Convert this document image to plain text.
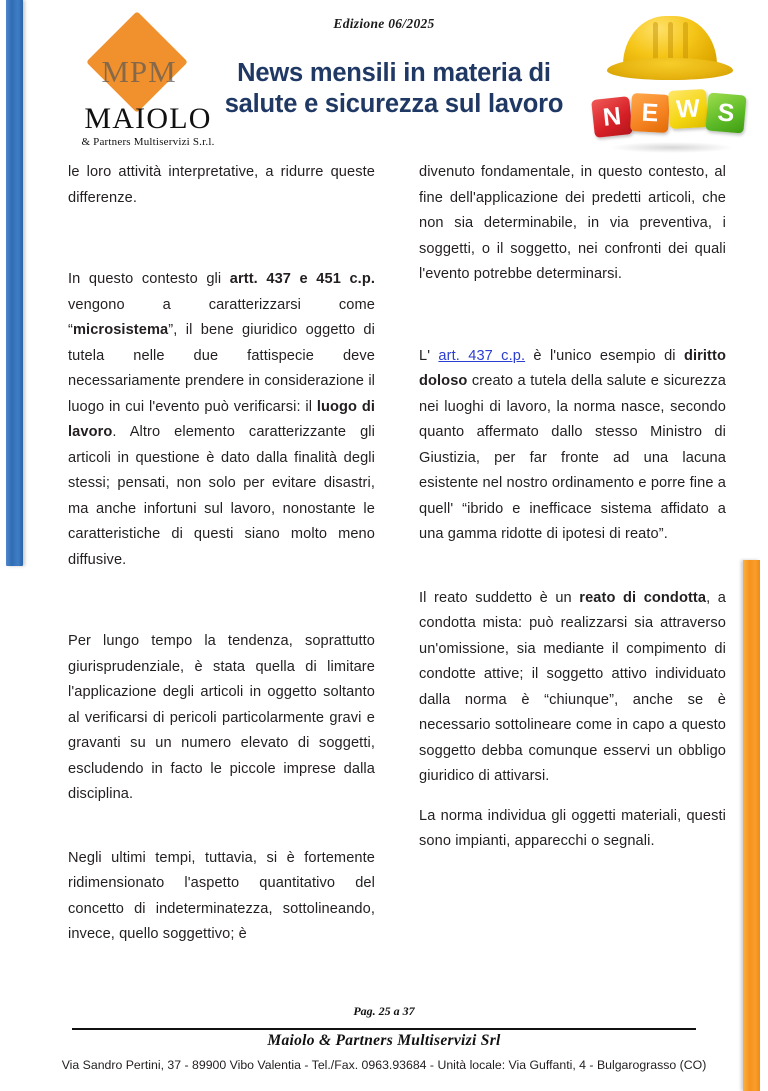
Edizione 06/2025
MPM
MAIOLO
& Partners Multiservizi S.r.l.
News mensili in materia di
salute e sicurezza sul lavoro	N E W S

le loro attività interpretative, a ridurre queste differenze.

In questo contesto gli artt. 437 e 451 c.p. vengono a caratterizzarsi come “microsistema”, il bene giuridico oggetto di tutela nelle due fattispecie deve necessariamente prendere in considerazione il luogo in cui l'evento può verificarsi: il luogo di lavoro. Altro elemento caratterizzante gli articoli in questione è dato dalla finalità degli stessi; pensati, non solo per evitare disastri, ma anche infortuni sul lavoro, nonostante le caratteristiche di questi siano molto meno diffusive.

Per lungo tempo la tendenza, soprattutto giurisprudenziale, è stata quella di limitare l'applicazione degli articoli in oggetto soltanto al verificarsi di pericoli particolarmente gravi e gravanti su un numero elevato di soggetti, escludendo in facto le piccole imprese dalla disciplina.

Negli ultimi tempi, tuttavia, si è fortemente ridimensionato l'aspetto quantitativo del concetto di indeterminatezza, sottolineando, invece, quello soggettivo; è

divenuto fondamentale, in questo contesto, al fine dell'applicazione dei predetti articoli, che non sia determinabile, in via preventiva, i soggetti, o il soggetto, nei confronti dei quali l'evento potrebbe determinarsi.

L' art. 437 c.p. è l'unico esempio di diritto doloso creato a tutela della salute e sicurezza nei luoghi di lavoro, la norma nasce, secondo quanto affermato dallo stesso Ministro di Giustizia, per far fronte ad una lacuna esistente nel nostro ordinamento e porre fine a quell' “ibrido e inefficace sistema affidato a una gamma ridotte di ipotesi di reato”.

Il reato suddetto è un reato di condotta, a condotta mista: può realizzarsi sia attraverso un'omissione, sia mediante il compimento di condotte attive; il soggetto attivo individuato dalla norma è “chiunque”, anche se è necessario sottolineare come in capo a questo soggetto debba comunque esservi un obbligo giuridico di attivarsi.

La norma individua gli oggetti materiali, questi sono impianti, apparecchi o segnali.

Pag. 25 a 37
Maiolo & Partners Multiservizi Srl
Via Sandro Pertini, 37 - 89900 Vibo Valentia - Tel./Fax. 0963.93684 - Unità locale: Via Guffanti, 4 - Bulgarograsso (CO)
